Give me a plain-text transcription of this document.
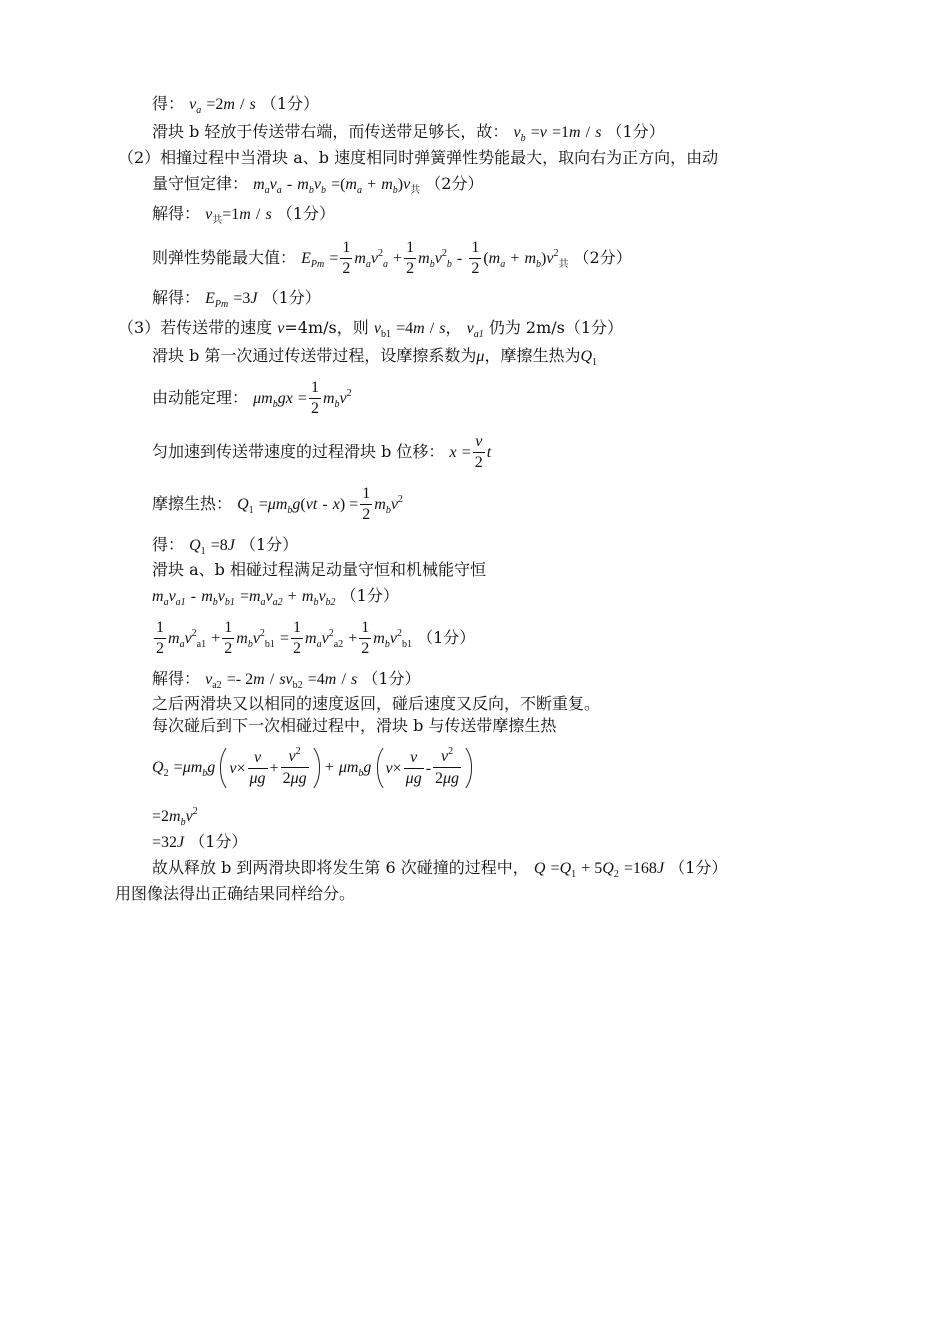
得： $v_a =2m / s$ （1分）
滑块 b 轻放于传送带右端，而传送带足够长，故： $v_b =v =1m / s$ （1分）
（2）相撞过程中当滑块 a、b 速度相同时弹簧弹性势能最大，取向右为正方向，由动
量守恒定律： $m_av_a - m_bv_b =(m_a + m_b)v_共$ （2分）
解得： $v_共=1m / s$ （1分）
则弹性势能最大值： $E_{Pm} = \frac{1}{2} m_av^2_a + \frac{1}{2} m_bv^2_b - \frac{1}{2} (m_a + m_b)v^2_共$ （2分）
解得： $E_{Pm} =3J$ （1分）
（3）若传送带的速度 v=4m/s，则 $v_{b1} =4m / s$， $v_{a1}$ 仍为 2m/s（1分）
滑块 b 第一次通过传送带过程，设摩擦系数为μ，摩擦生热为$Q_1$
由动能定理： $\mu m_bgx = \frac{1}{2} m_bv^2$
匀加速到传送带速度的过程滑块 b 位移： $x = \frac{v}{2}$ t
摩擦生热： $Q_1 =\mu m_bg(vt - x) = \frac{1}{2} m_bv^2$
得： $Q_1 =8J$ （1分）
滑块 a、b 相碰过程满足动量守恒和机械能守恒
$m_av_{a1} - m_bv_{b1} =m_av_{a2} + m_bv_{b2}$ （1分）
$\frac{1}{2} m_av^2_{a1} + \frac{1}{2} m_bv^2_{b1} = \frac{1}{2} m_av^2_{a2} + \frac{1}{2} m_bv^2_{b1}$ （1分）
解得： $v_{a2} =- 2m / sv_{b2} =4m / s$ （1分）
之后两滑块又以相同的速度返回，碰后速度又反向，不断重复。
每次碰后到下一次相碰过程中，滑块 b 与传送带摩擦生热
$Q_2 =\mu m_bg$ $v\times \frac{v}{\mu g} + \frac{v^2}{2\mu g} + \mu m_bg$ $v\times \frac{v}{\mu g} - \frac{v^2}{2\mu g}$
$=2m_bv^2$
=32J （1分）
故从释放 b 到两滑块即将发生第 6 次碰撞的过程中， $Q =Q_1 + 5Q_2 =168J$ （1分）
用图像法得出正确结果同样给分。
